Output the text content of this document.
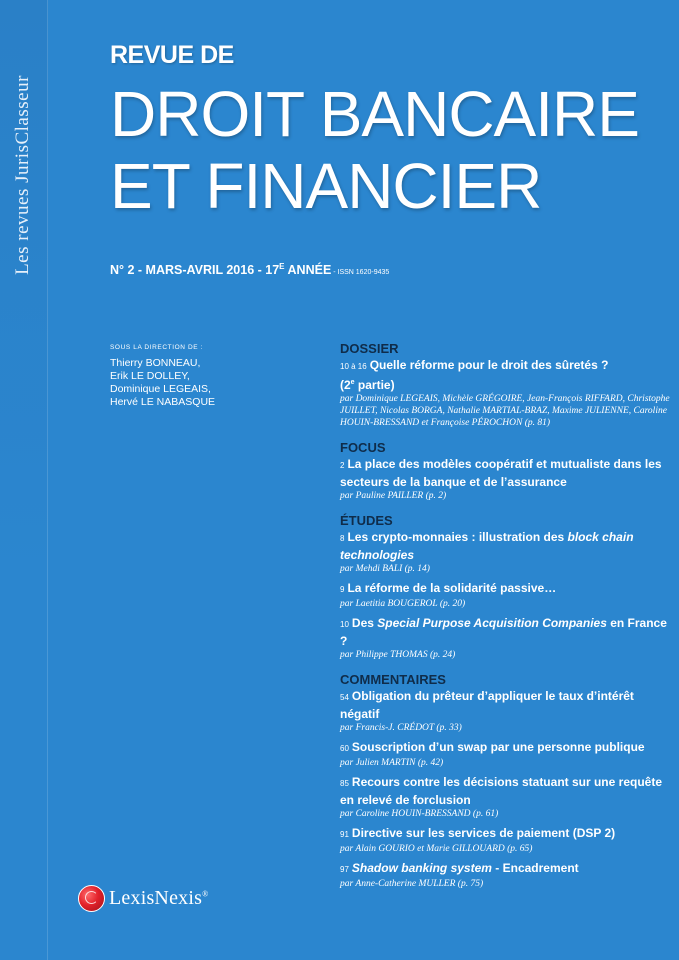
Les revues JurisClasseur
REVUE DE
DROIT BANCAIRE
ET FINANCIER
N° 2 - MARS-AVRIL $2016 - 17^E$ ANNÉE - ISSN 1620-9435
SOUS LA DIRECTION DE :
Thierry BONNEAU,
Erik LE DOLLEY,
Dominique LEGEAIS,
Hervé LE NABASQUE
DOSSIER
10 à 16 Quelle réforme pour le droit des sûretés ?
(2e partie)
par Dominique LEGEAIS, Michèle GRÉGOIRE, Jean-François RIFFARD, Christophe JUILLET, Nicolas BORGA, Nathalie MARTIAL-BRAZ, Maxime JULIENNE, Caroline HOUIN-BRESSAND et Françoise PÉROCHON (p. 81)
FOCUS
2 La place des modèles coopératif et mutualiste dans les secteurs de la banque et de l’assurance
par Pauline PAILLER (p. 2)
ÉTUDES
8 Les crypto-monnaies : illustration des block chain technologies
par Mehdi BALI (p. 14)
9 La réforme de la solidarité passive…
par Laetitia BOUGEROL (p. 20)
10 Des Special Purpose Acquisition Companies en France ?
par Philippe THOMAS (p. 24)
COMMENTAIRES
54 Obligation du prêteur d’appliquer le taux d’intérêt négatif
par Francis-J. CRÉDOT (p. 33)
60 Souscription d’un swap par une personne publique
par Julien MARTIN (p. 42)
85 Recours contre les décisions statuant sur une requête en relevé de forclusion
par Caroline HOUIN-BRESSAND (p. 61)
91 Directive sur les services de paiement (DSP 2)
par Alain GOURIO et Marie GILLOUARD (p. 65)
97 Shadow banking system - Encadrement
par Anne-Catherine MULLER (p. 75)
LexisNexis®
